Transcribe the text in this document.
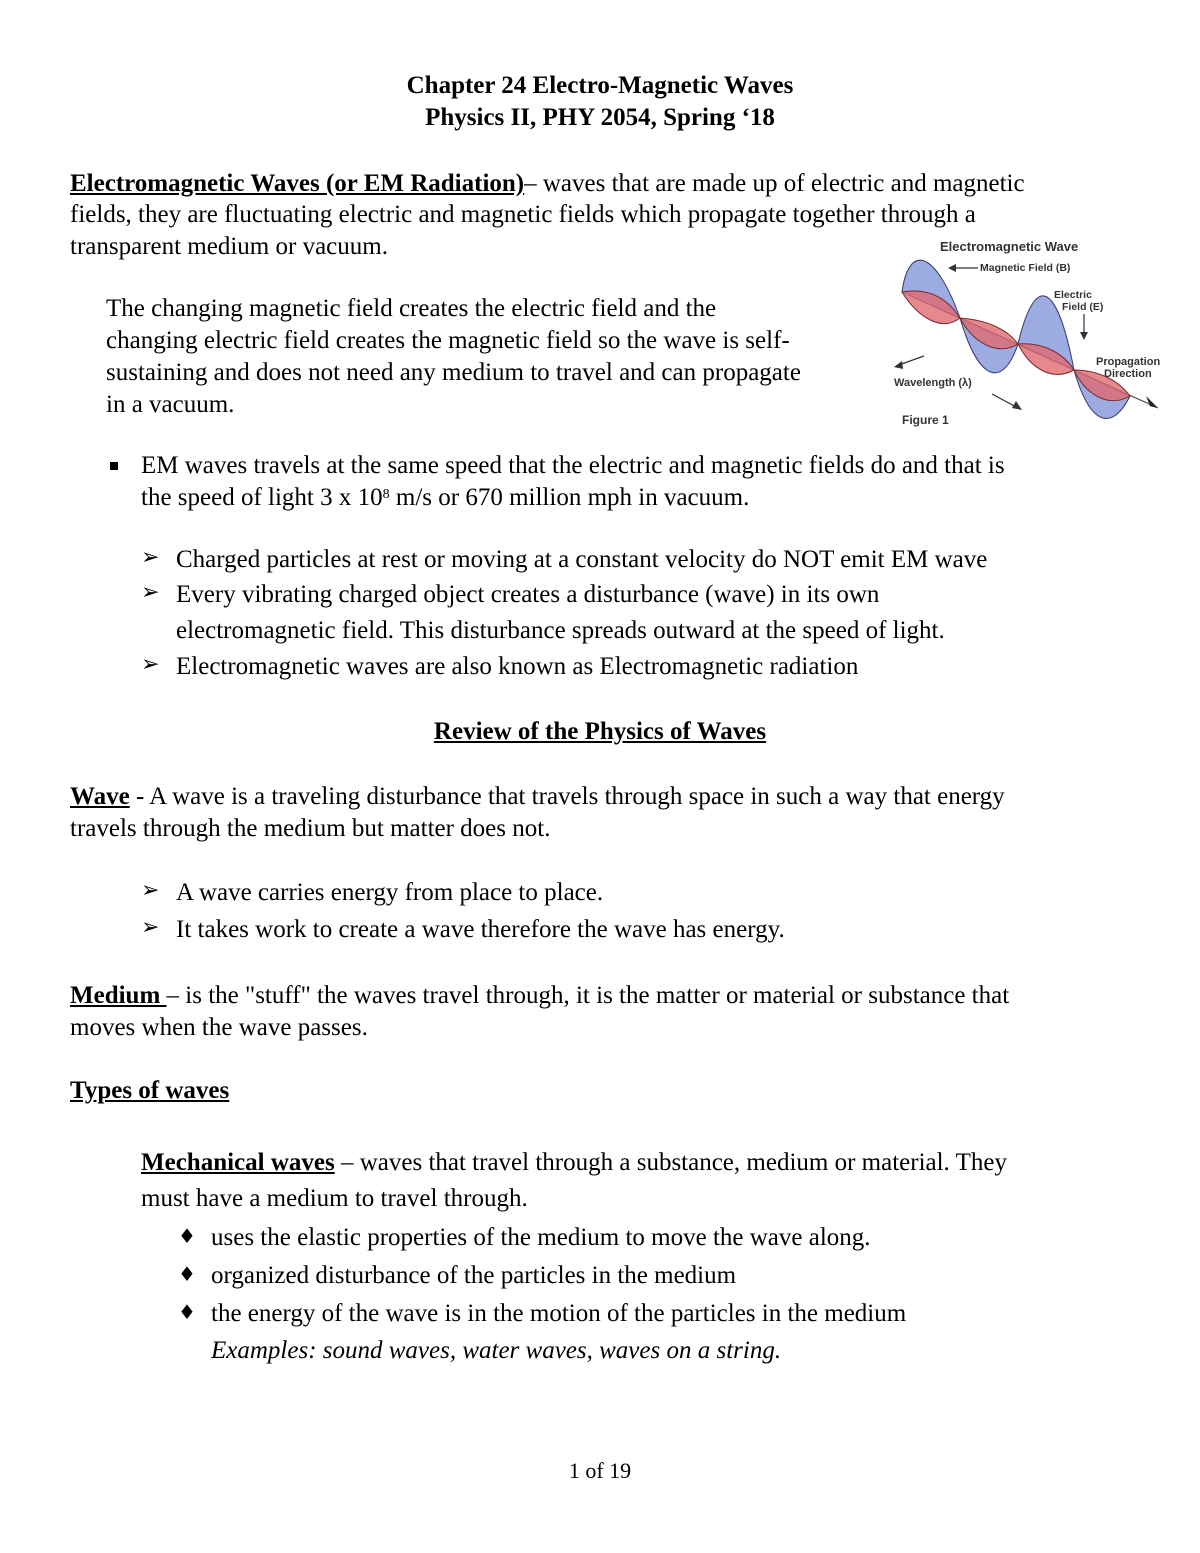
Chapter 24 Electro-Magnetic Waves
Physics II, PHY 2054, Spring ‘18
Electromagnetic Waves (or EM Radiation)– waves that are made up of electric and magnetic
fields, they are fluctuating electric and magnetic fields which propagate together through a
transparent medium or vacuum.
The changing magnetic field creates the electric field and the
changing electric field creates the magnetic field so the wave is self-
sustaining and does not need any medium to travel and can propagate
in a vacuum.
Electromagnetic Wave
Magnetic Field (B)
Electric
Field (E)
Propagation
Direction
Wavelength (λ)
Figure 1
EM waves travels at the same speed that the electric and magnetic fields do and that is
the speed of light 3 x $10^8$ m/s or 670 million mph in vacuum.
➢ Charged particles at rest or moving at a constant velocity do NOT emit EM wave
➢ Every vibrating charged object creates a disturbance (wave) in its own
electromagnetic field. This disturbance spreads outward at the speed of light.
➢ Electromagnetic waves are also known as Electromagnetic radiation
Review of the Physics of Waves
Wave - A wave is a traveling disturbance that travels through space in such a way that energy
travels through the medium but matter does not.
➢ A wave carries energy from place to place.
➢ It takes work to create a wave therefore the wave has energy.
Medium – is the "stuff" the waves travel through, it is the matter or material or substance that
moves when the wave passes.
Types of waves
Mechanical waves – waves that travel through a substance, medium or material. They
must have a medium to travel through.
♦ uses the elastic properties of the medium to move the wave along.
♦ organized disturbance of the particles in the medium
♦ the energy of the wave is in the motion of the particles in the medium
Examples: sound waves, water waves, waves on a string.
1 of 19
